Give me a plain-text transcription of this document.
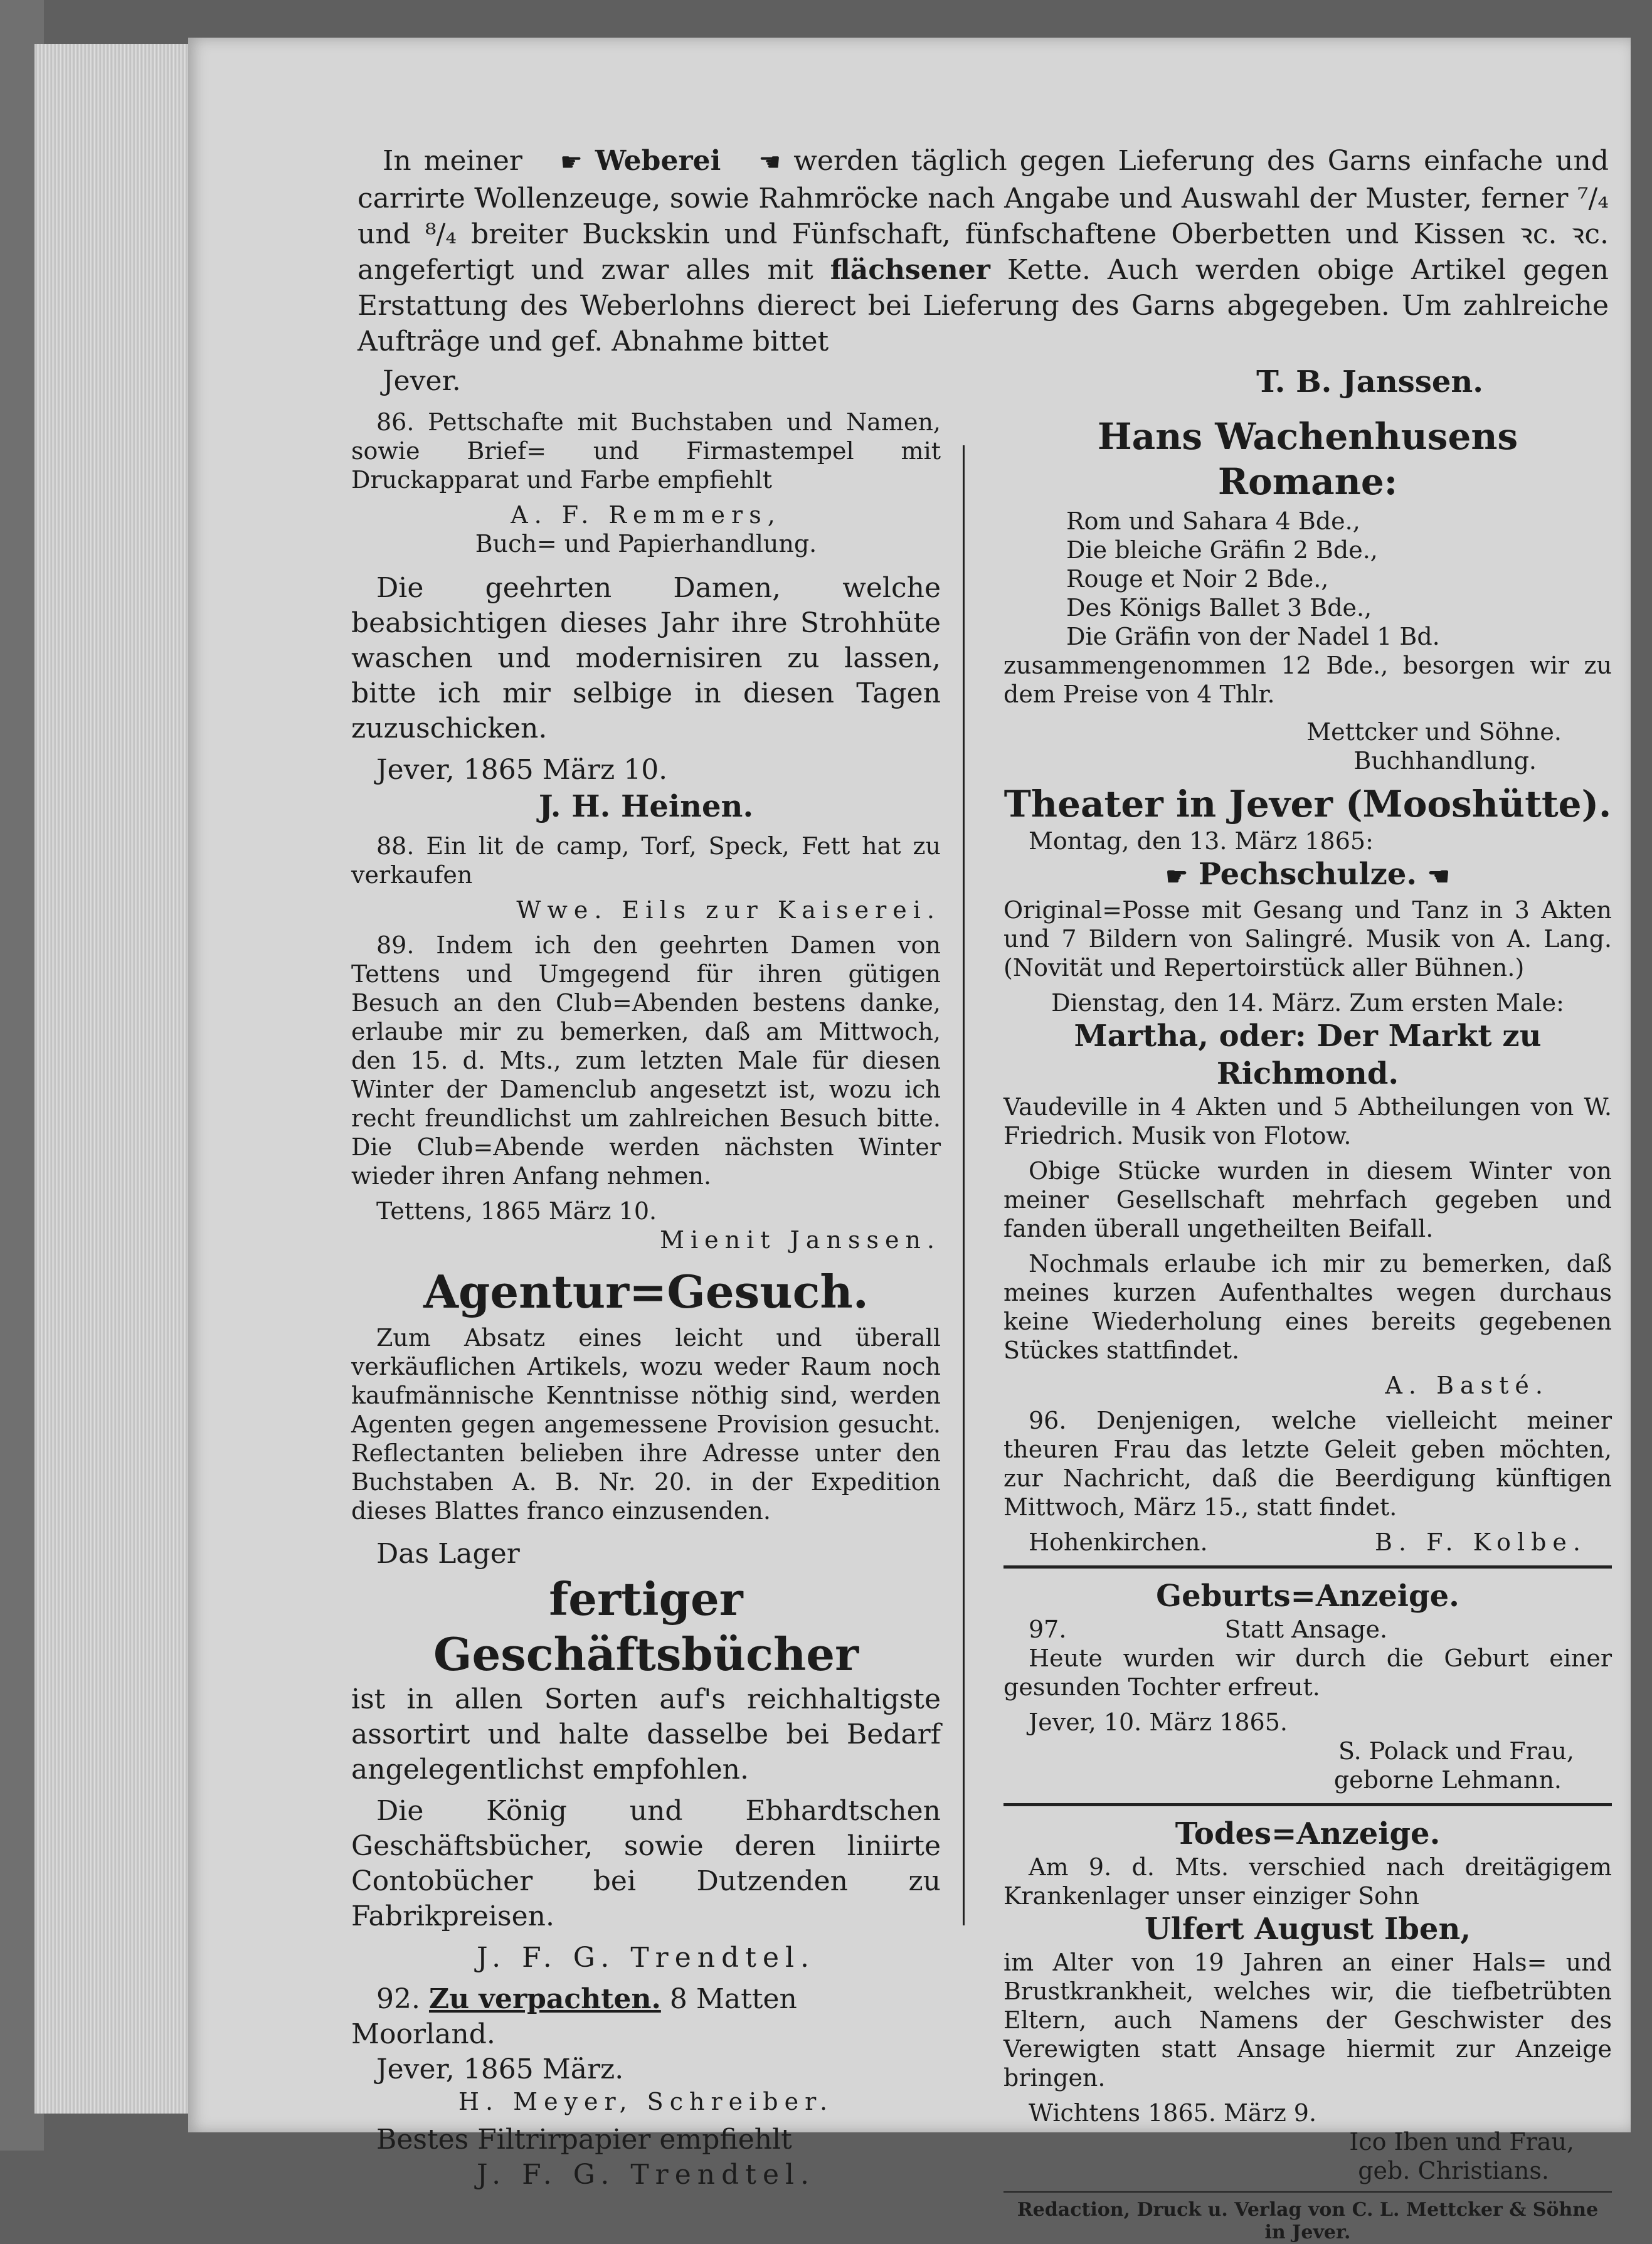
In meiner ☛ Weberei ☚ werden täglich gegen Lieferung des Garns einfache und carrirte Wollenzeuge, sowie Rahmröcke nach Angabe und Auswahl der Muster, ferner ⁷/₄ und ⁸/₄ breiter Buckskin und Fünfschaft, fünfschaftene Oberbetten und Kissen ꝛc. ꝛc. angefertigt und zwar alles mit flächsener Kette. Auch werden obige Artikel gegen Erstattung des Weberlohns dierect bei Lieferung des Garns abgegeben. Um zahlreiche Aufträge und gef. Abnahme bittet

Jever.	T. B. Janssen.

86. Pettschafte mit Buchstaben und Namen, sowie Brief= und Firmastempel mit Druckapparat und Farbe empfiehlt

A. F. Remmers,

Buch= und Papierhandlung.

Die geehrten Damen, welche beabsichtigen dieses Jahr ihre Strohhüte waschen und modernisiren zu lassen, bitte ich mir selbige in diesen Tagen zuzuschicken.

Jever, 1865 März 10.

J. H. Heinen.

88. Ein lit de camp, Torf, Speck, Fett hat zu verkaufen

Wwe. Eils zur Kaiserei.

89. Indem ich den geehrten Damen von Tettens und Umgegend für ihren gütigen Besuch an den Club=Abenden bestens danke, erlaube mir zu bemerken, daß am Mittwoch, den 15. d. Mts., zum letzten Male für diesen Winter der Damenclub angesetzt ist, wozu ich recht freundlichst um zahlreichen Besuch bitte. Die Club=Abende werden nächsten Winter wieder ihren Anfang nehmen.

Tettens, 1865 März 10.

Mienit Janssen.

Agentur=Gesuch.

Zum Absatz eines leicht und überall verkäuflichen Artikels, wozu weder Raum noch kaufmännische Kenntnisse nöthig sind, werden Agenten gegen angemessene Provision gesucht. Reflectanten belieben ihre Adresse unter den Buchstaben A. B. Nr. 20. in der Expedition dieses Blattes franco einzusenden.

Das Lager

fertiger Geschäftsbücher

ist in allen Sorten auf's reichhaltigste assortirt und halte dasselbe bei Bedarf angelegentlichst empfohlen.

Die König und Ebhardtschen Geschäftsbücher, sowie deren liniirte Contobücher bei Dutzenden zu Fabrikpreisen.

J. F. G. Trendtel.

92. Zu verpachten. 8 Matten Moorland.

Jever, 1865 März.

H. Meyer, Schreiber.

Bestes Filtrirpapier empfiehlt

J. F. G. Trendtel.

Hans Wachenhusens Romane:

Rom und Sahara 4 Bde.,
Die bleiche Gräfin 2 Bde.,
Rouge et Noir 2 Bde.,
Des Königs Ballet 3 Bde.,
Die Gräfin von der Nadel 1 Bd.

zusammengenommen 12 Bde., besorgen wir zu dem Preise von 4 Thlr.

Mettcker und Söhne.

Buchhandlung.

Theater in Jever (Mooshütte).

Montag, den 13. März 1865:

☛ Pechschulze. ☚

Original=Posse mit Gesang und Tanz in 3 Akten und 7 Bildern von Salingré. Musik von A. Lang. (Novität und Repertoirstück aller Bühnen.)

Dienstag, den 14. März. Zum ersten Male:

Martha, oder: Der Markt zu Richmond.

Vaudeville in 4 Akten und 5 Abtheilungen von W. Friedrich. Musik von Flotow.

Obige Stücke wurden in diesem Winter von meiner Gesellschaft mehrfach gegeben und fanden überall ungetheilten Beifall.

Nochmals erlaube ich mir zu bemerken, daß meines kurzen Aufenthaltes wegen durchaus keine Wiederholung eines bereits gegebenen Stückes stattfindet.

A. Basté.

96. Denjenigen, welche vielleicht meiner theuren Frau das letzte Geleit geben möchten, zur Nachricht, daß die Beerdigung künftigen Mittwoch, März 15., statt findet.

Hohenkirchen.	B. F. Kolbe.

Geburts=Anzeige.

97.	Statt Ansage.

Heute wurden wir durch die Geburt einer gesunden Tochter erfreut.

Jever, 10. März 1865.

S. Polack und Frau,

geborne Lehmann.

Todes=Anzeige.

Am 9. d. Mts. verschied nach dreitägigem Krankenlager unser einziger Sohn

Ulfert August Iben,

im Alter von 19 Jahren an einer Hals= und Brustkrankheit, welches wir, die tiefbetrübten Eltern, auch Namens der Geschwister des Verewigten statt Ansage hiermit zur Anzeige bringen.

Wichtens 1865. März 9.

Ico Iben und Frau,

geb. Christians.

Redaction, Druck u. Verlag von C. L. Mettcker & Söhne in Jever.
